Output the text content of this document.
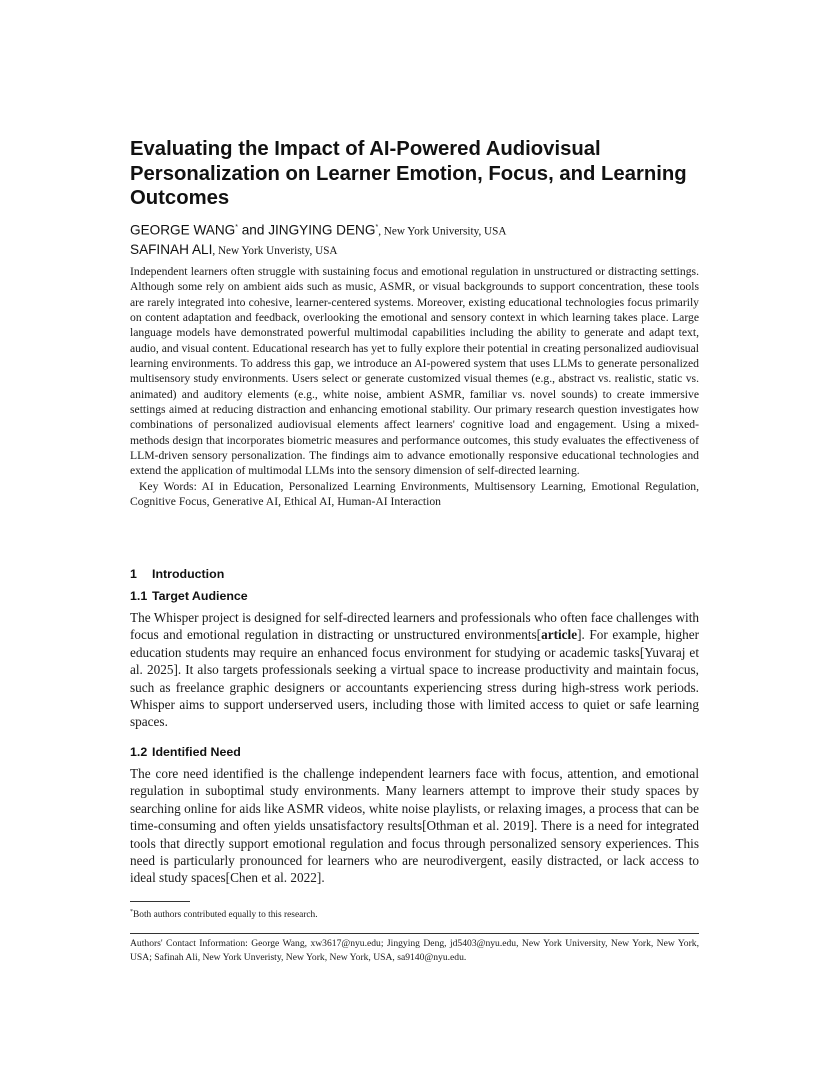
Evaluating the Impact of AI-Powered Audiovisual Personalization on Learner Emotion, Focus, and Learning Outcomes
GEORGE WANG* and JINGYING DENG*, New York University, USA
SAFINAH ALI, New York Unveristy, USA

Independent learners often struggle with sustaining focus and emotional regulation in unstructured or distracting settings. Although some rely on ambient aids such as music, ASMR, or visual backgrounds to support concentration, these tools are rarely integrated into cohesive, learner-centered systems. Moreover, existing educational technologies focus primarily on content adaptation and feedback, overlooking the emotional and sensory context in which learning takes place. Large language models have demonstrated powerful multimodal capabilities including the ability to generate and adapt text, audio, and visual content. Educational research has yet to fully explore their potential in creating personalized audiovisual learning environments. To address this gap, we introduce an AI-powered system that uses LLMs to generate personalized multisensory study environments. Users select or generate customized visual themes (e.g., abstract vs. realistic, static vs. animated) and auditory elements (e.g., white noise, ambient ASMR, familiar vs. novel sounds) to create immersive settings aimed at reducing distraction and enhancing emotional stability. Our primary research question investigates how combinations of personalized audiovisual elements affect learners' cognitive load and engagement. Using a mixed-methods design that incorporates biometric measures and performance outcomes, this study evaluates the effectiveness of LLM-driven sensory personalization. The findings aim to advance emotionally responsive educational technologies and extend the application of multimodal LLMs into the sensory dimension of self-directed learning.

Key Words: AI in Education, Personalized Learning Environments, Multisensory Learning, Emotional Regulation, Cognitive Focus, Generative AI, Ethical AI, Human-AI Interaction

1 Introduction
1.1 Target Audience

The Whisper project is designed for self-directed learners and professionals who often face challenges with focus and emotional regulation in distracting or unstructured environments[article]. For example, higher education students may require an enhanced focus environment for studying or academic tasks[Yuvaraj et al. 2025]. It also targets professionals seeking a virtual space to increase productivity and maintain focus, such as freelance graphic designers or accountants experiencing stress during high-stress work periods. Whisper aims to support underserved users, including those with limited access to quiet or safe learning spaces.

1.2 Identified Need

The core need identified is the challenge independent learners face with focus, attention, and emotional regulation in suboptimal study environments. Many learners attempt to improve their study spaces by searching online for aids like ASMR videos, white noise playlists, or relaxing images, a process that can be time-consuming and often yields unsatisfactory results[Othman et al. 2019]. There is a need for integrated tools that directly support emotional regulation and focus through personalized sensory experiences. This need is particularly pronounced for learners who are neurodivergent, easily distracted, or lack access to ideal study spaces[Chen et al. 2022].

*Both authors contributed equally to this research.
Authors' Contact Information: George Wang, xw3617@nyu.edu; Jingying Deng, jd5403@nyu.edu, New York University, New York, New York, USA; Safinah Ali, New York Unveristy, New York, New York, USA, sa9140@nyu.edu.
